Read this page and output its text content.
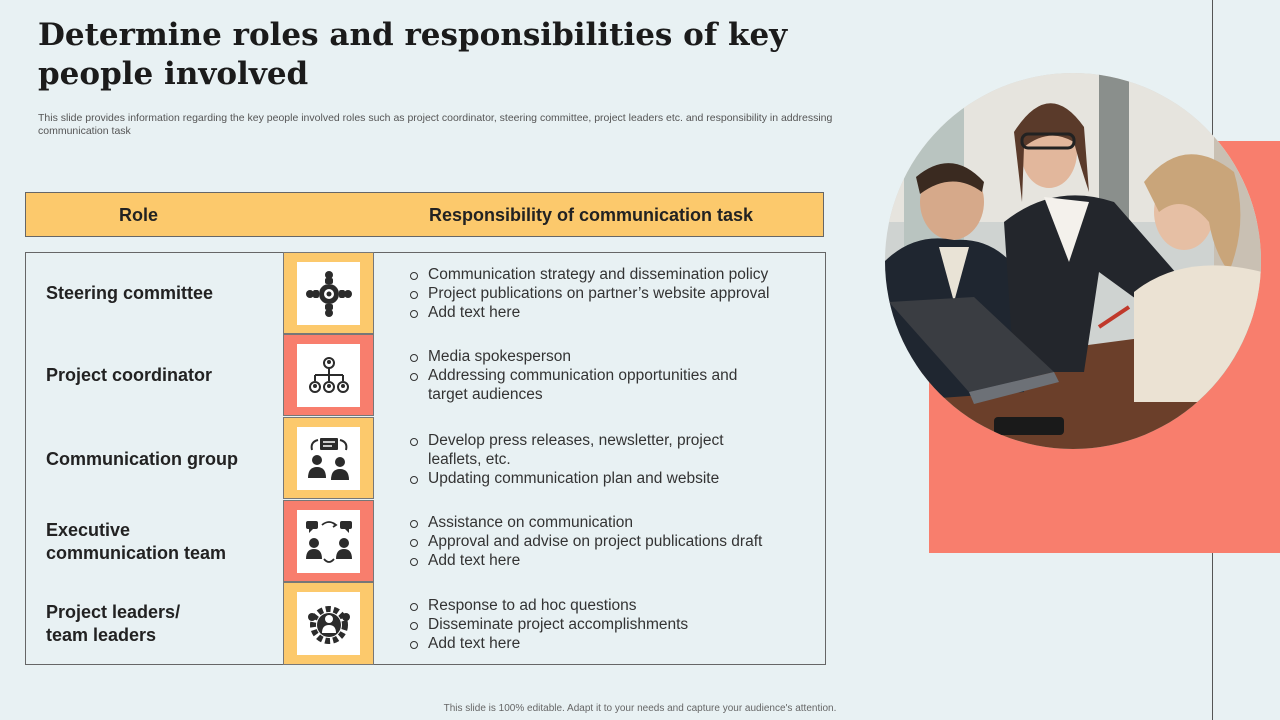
Determine roles and responsibilities of key people involved

This slide provides information regarding the key people involved roles such as project coordinator, steering committee, project leaders etc. and responsibility in addressing communication task

Role	Responsibility of communication task
Steering committee
Communication strategy and dissemination policy
Project publications on partner’s website approval
Add text here
Project coordinator
Media spokesperson
Addressing communication opportunities and target audiences
Communication group
Develop press releases, newsletter, project leaflets, etc.
Updating communication plan and website
Executive communication team
Assistance on communication
Approval and advise on project publications draft
Add text here
Project leaders/ team leaders
Response to ad hoc questions
Disseminate project accomplishments
Add text here
This slide is 100% editable. Adapt it to your needs and capture your audience's attention.
